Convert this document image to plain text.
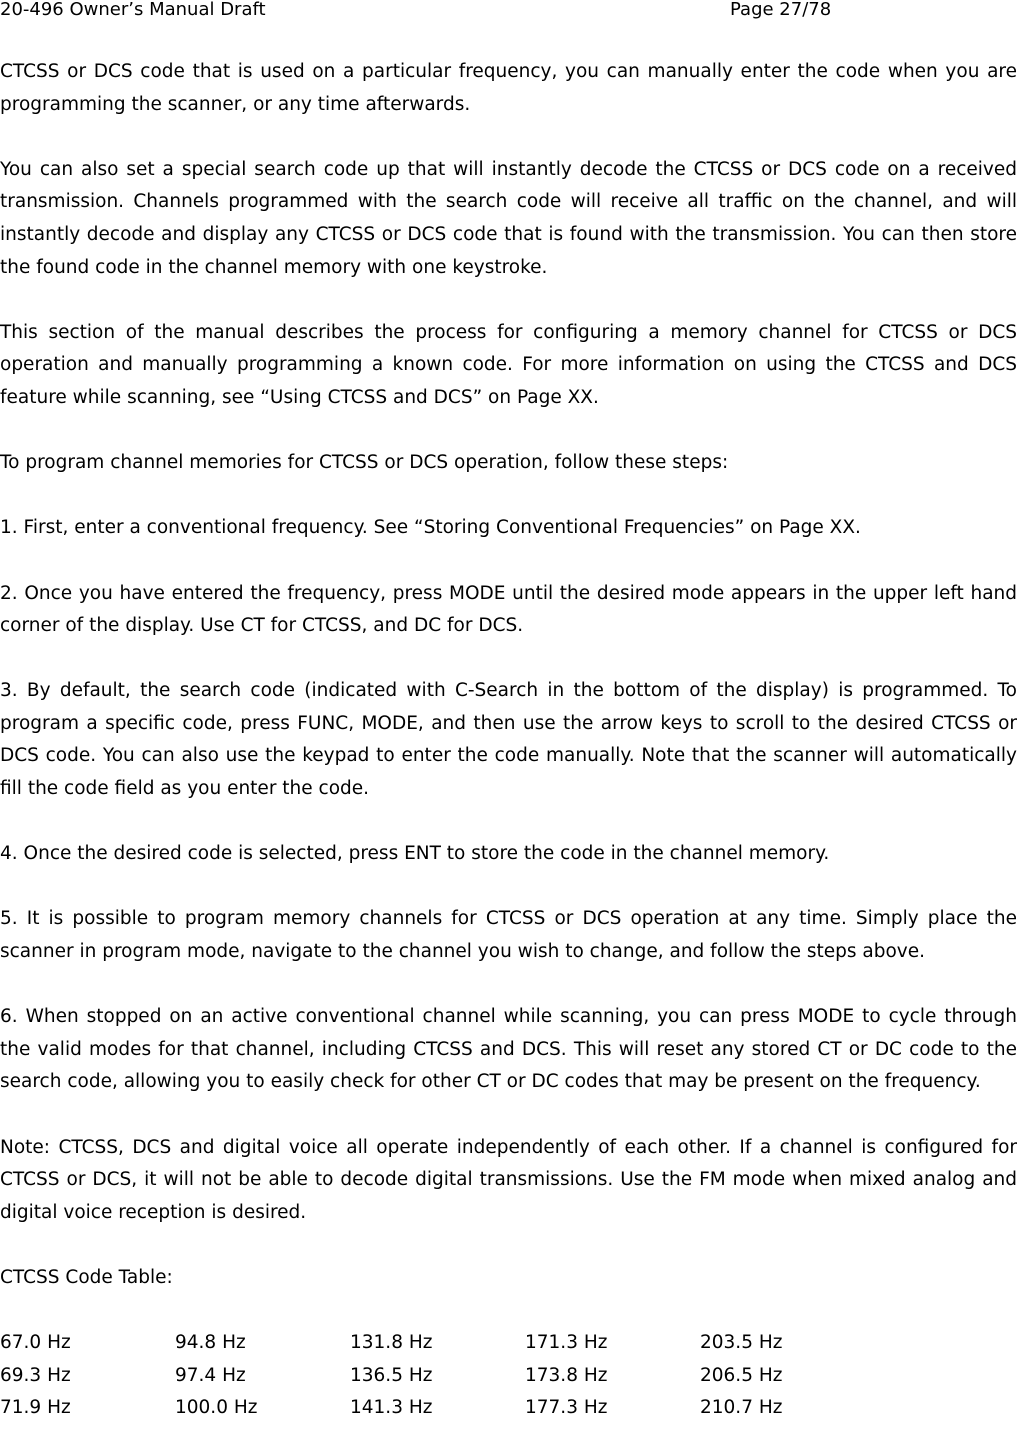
20-496 Owner’s Manual Draft	Page 27/78

CTCSS or DCS code that is used on a particular frequency, you can manually enter the code when you are programming the scanner, or any time afterwards.

You can also set a special search code up that will instantly decode the CTCSS or DCS code on a received transmission. Channels programmed with the search code will receive all traffic on the channel, and will instantly decode and display any CTCSS or DCS code that is found with the transmission. You can then store the found code in the channel memory with one keystroke.

This section of the manual describes the process for configuring a memory channel for CTCSS or DCS operation and manually programming a known code. For more information on using the CTCSS and DCS feature while scanning, see “Using CTCSS and DCS” on Page XX.

To program channel memories for CTCSS or DCS operation, follow these steps:

1. First, enter a conventional frequency. See “Storing Conventional Frequencies” on Page XX.

2. Once you have entered the frequency, press MODE until the desired mode appears in the upper left hand corner of the display. Use CT for CTCSS, and DC for DCS.

3. By default, the search code (indicated with C-Search in the bottom of the display) is programmed. To program a specific code, press FUNC, MODE, and then use the arrow keys to scroll to the desired CTCSS or DCS code. You can also use the keypad to enter the code manually. Note that the scanner will automatically fill the code field as you enter the code.

4. Once the desired code is selected, press ENT to store the code in the channel memory.

5. It is possible to program memory channels for CTCSS or DCS operation at any time. Simply place the scanner in program mode, navigate to the channel you wish to change, and follow the steps above.

6. When stopped on an active conventional channel while scanning, you can press MODE to cycle through the valid modes for that channel, including CTCSS and DCS. This will reset any stored CT or DC code to the search code, allowing you to easily check for other CT or DC codes that may be present on the frequency.

Note: CTCSS, DCS and digital voice all operate independently of each other. If a channel is configured for CTCSS or DCS, it will not be able to decode digital transmissions. Use the FM mode when mixed analog and digital voice reception is desired.

CTCSS Code Table:

67.0 Hz	94.8 Hz	131.8 Hz	171.3 Hz	203.5 Hz
69.3 Hz	97.4 Hz	136.5 Hz	173.8 Hz	206.5 Hz
71.9 Hz	100.0 Hz	141.3 Hz	177.3 Hz	210.7 Hz
